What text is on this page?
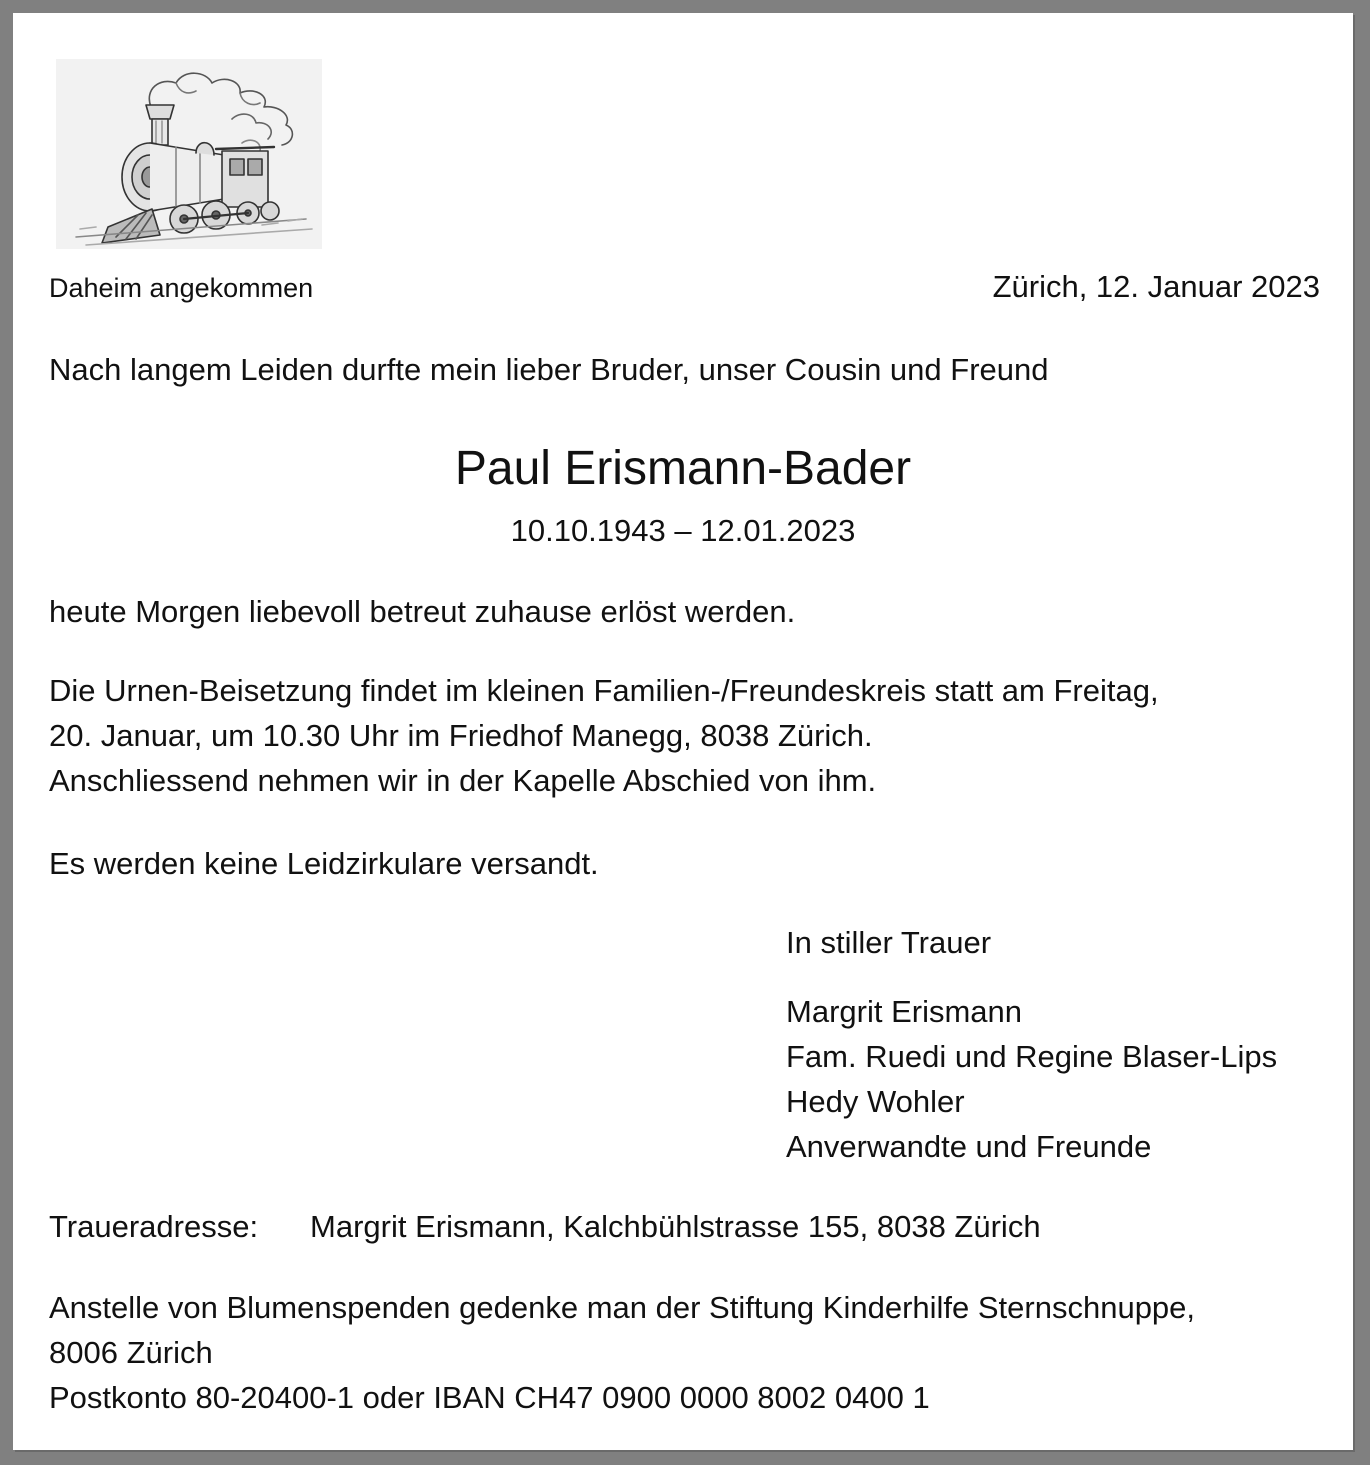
Daheim angekommen	Zürich, 12. Januar 2023
Nach langem Leiden durfte mein lieber Bruder, unser Cousin und Freund
Paul Erismann-Bader
10.10.1943 – 12.01.2023
heute Morgen liebevoll betreut zuhause erlöst werden.
Die Urnen-Beisetzung findet im kleinen Familien-/Freundeskreis statt am Freitag,
20. Januar, um 10.30 Uhr im Friedhof Manegg, 8038 Zürich.
Anschliessend nehmen wir in der Kapelle Abschied von ihm.
Es werden keine Leidzirkulare versandt.
In stiller Trauer
Margrit Erismann
Fam. Ruedi und Regine Blaser-Lips
Hedy Wohler
Anverwandte und Freunde
Traueradresse: Margrit Erismann, Kalchbühlstrasse 155, 8038 Zürich
Anstelle von Blumenspenden gedenke man der Stiftung Kinderhilfe Sternschnuppe,
8006 Zürich
Postkonto 80-20400-1 oder IBAN CH47 0900 0000 8002 0400 1
